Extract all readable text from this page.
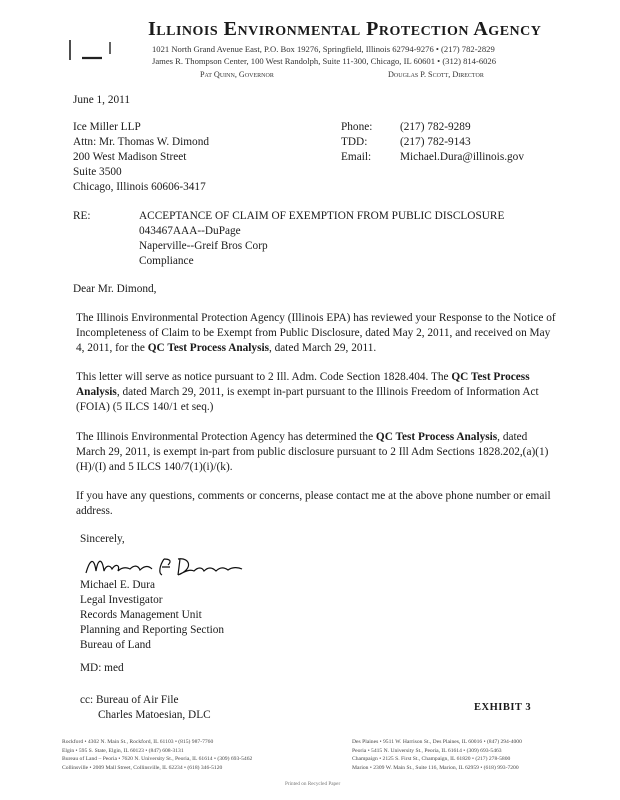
Illinois Environmental Protection Agency
1021 North Grand Avenue East, P.O. Box 19276, Springfield, Illinois 62794-9276 • (217) 782-2829
James R. Thompson Center, 100 West Randolph, Suite 11-300, Chicago, IL 60601 • (312) 814-6026
Pat Quinn, Governor	Douglas P. Scott, Director
June 1, 2011
Ice Miller LLP
Attn: Mr. Thomas W. Dimond
200 West Madison Street
Suite 3500
Chicago, Illinois 60606-3417
Phone:	(217) 782-9289
TDD:	(217) 782-9143
Email:	Michael.Dura@illinois.gov
RE:	ACCEPTANCE OF CLAIM OF EXEMPTION FROM PUBLIC DISCLOSURE
043467AAA--DuPage
Naperville--Greif Bros Corp
Compliance
Dear Mr. Dimond,
The Illinois Environmental Protection Agency (Illinois EPA) has reviewed your Response to the Notice of Incompleteness of Claim to be Exempt from Public Disclosure, dated May 2, 2011, and received on May 4, 2011, for the QC Test Process Analysis, dated March 29, 2011.
This letter will serve as notice pursuant to 2 Ill. Adm. Code Section 1828.404. The QC Test Process Analysis, dated March 29, 2011, is exempt in-part pursuant to the Illinois Freedom of Information Act (FOIA) (5 ILCS 140/1 et seq.)
The Illinois Environmental Protection Agency has determined the QC Test Process Analysis, dated March 29, 2011, is exempt in-part from public disclosure pursuant to 2 Ill Adm Sections 1828.202,(a)(1)(H)/(I) and 5 ILCS 140/7(1)(i)/(k).
If you have any questions, comments or concerns, please contact me at the above phone number or email address.
Sincerely,
Michael E. Dura
Legal Investigator
Records Management Unit
Planning and Reporting Section
Bureau of Land
MD: med
cc: Bureau of Air File
Charles Matoesian, DLC
EXHIBIT 3
Rockford • 4302 N. Main St., Rockford, IL 61103 • (815) 987-7760
Elgin • 595 S. State, Elgin, IL 60123 • (847) 608-3131
Bureau of Land – Peoria • 7620 N. University St., Peoria, IL 61614 • (309) 693-5462
Collinsville • 2009 Mall Street, Collinsville, IL 62234 • (618) 346-5120
Des Plaines • 9511 W. Harrison St., Des Plaines, IL 60016 • (847) 294-4000
Peoria • 5415 N. University St., Peoria, IL 61614 • (309) 693-5463
Champaign • 2125 S. First St., Champaign, IL 61820 • (217) 278-5800
Marion • 2309 W. Main St., Suite 116, Marion, IL 62959 • (618) 993-7200
Printed on Recycled Paper
